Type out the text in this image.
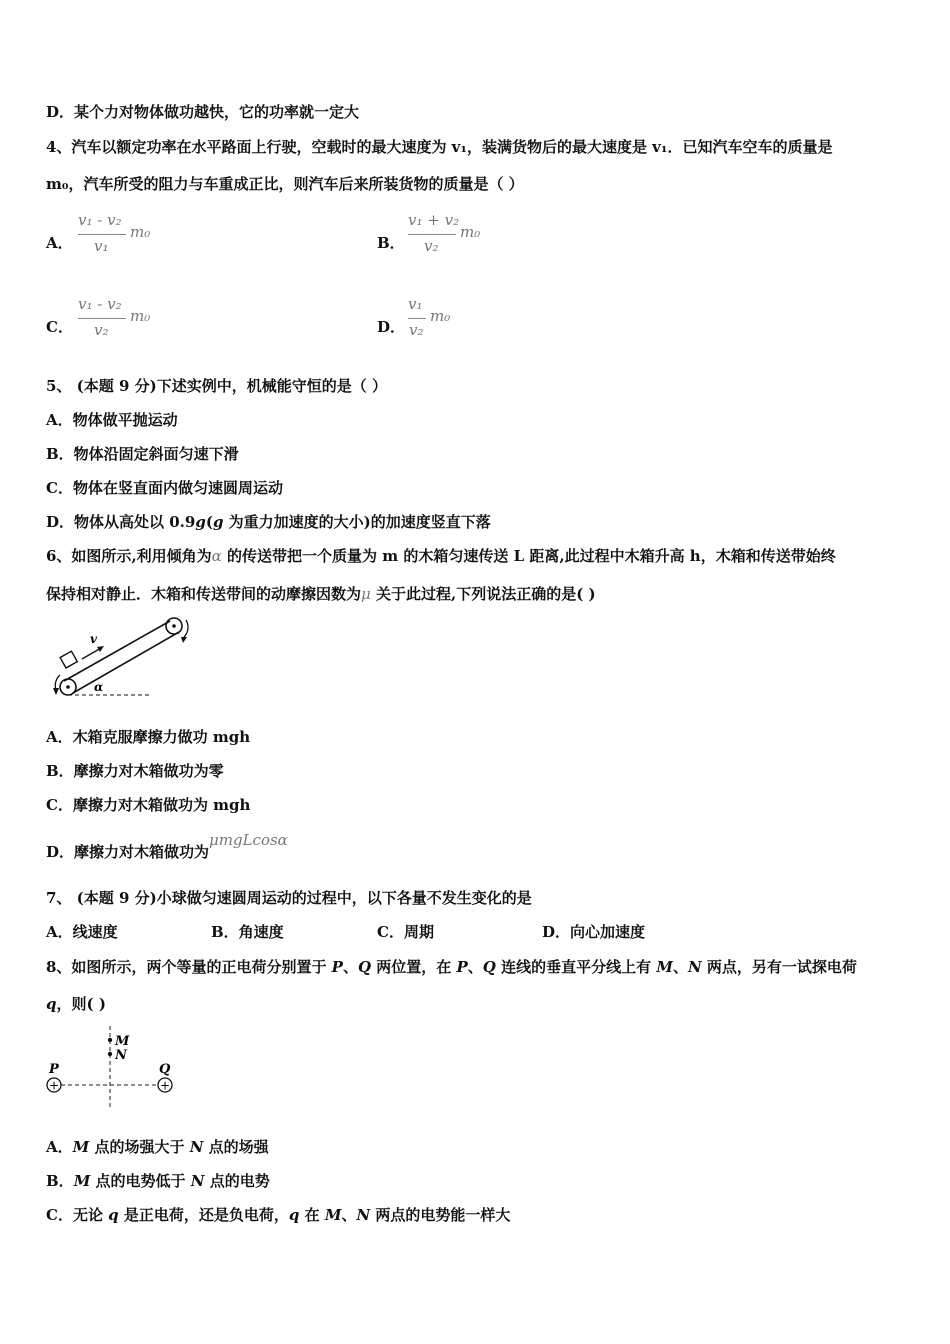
D．某个力对物体做功越快，它的功率就一定大
4、汽车以额定功率在水平路面上行驶，空载时的最大速度为 v₁，装满货物后的最大速度是 v₁．已知汽车空车的质量是
m₀，汽车所受的阻力与车重成正比，则汽车后来所装货物的质量是（ ）
A．
v₁ - v₂
v₁
m₀
B．
v₁ + v₂
v₂
m₀
C．
v₁ - v₂
v₂
m₀
D．
v₁
v₂
m₀
5、 (本题 9 分)下述实例中，机械能守恒的是（ ）
A．物体做平抛运动
B．物体沿固定斜面匀速下滑
C．物体在竖直面内做匀速圆周运动
D．物体从高处以 0.9g(g 为重力加速度的大小)的加速度竖直下落
6、如图所示,利用倾角为α 的传送带把一个质量为 m 的木箱匀速传送 L 距离,此过程中木箱升高 h，木箱和传送带始终
保持相对静止．木箱和传送带间的动摩擦因数为μ 关于此过程,下列说法正确的是( )
v
α
A．木箱克服摩擦力做功 mgh
B．摩擦力对木箱做功为零
C．摩擦力对木箱做功为 mgh
D．摩擦力对木箱做功为μmgLcosα
7、 (本题 9 分)小球做匀速圆周运动的过程中，以下各量不发生变化的是
A．线速度	B．角速度	C．周期	D．向心加速度
8、如图所示，两个等量的正电荷分别置于 P、Q 两位置，在 P、Q 连线的垂直平分线上有 M、N 两点，另有一试探电荷
q，则( )
M
N
+	+
P	Q
A．M 点的场强大于 N 点的场强
B．M 点的电势低于 N 点的电势
C．无论 q 是正电荷，还是负电荷，q 在 M、N 两点的电势能一样大
